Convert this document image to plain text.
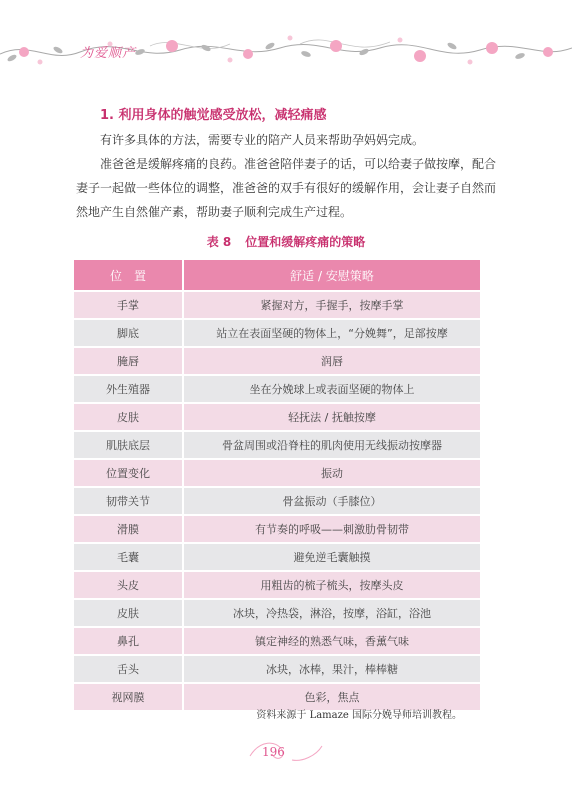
为爱顺产
1. 利用身体的触觉感受放松，减轻痛感

有许多具体的方法，需要专业的陪产人员来帮助孕妈妈完成。

准爸爸是缓解疼痛的良药。准爸爸陪伴妻子的话，可以给妻子做按摩，配合妻子一起做一些体位的调整，准爸爸的双手有很好的缓解作用，会让妻子自然而然地产生自然催产素，帮助妻子顺利完成生产过程。

表 8 位置和缓解疼痛的策略
位　置	舒适 / 安慰策略
手掌	紧握对方，手握手，按摩手掌
脚底	站立在表面坚硬的物体上，“分娩舞”，足部按摩
腌唇	润唇
外生殖器	坐在分娩球上或表面坚硬的物体上
皮肤	轻抚法 / 抚触按摩
肌肤底层	骨盆周围或沿脊柱的肌肉使用无线振动按摩器
位置变化	振动
韧带关节	骨盆振动（手膝位）
滑膜	有节奏的呼吸——刺激肋骨韧带
毛囊	避免逆毛囊触摸
头皮	用粗齿的梳子梳头，按摩头皮
皮肤	冰块，冷热袋，淋浴，按摩，浴缸，浴池
鼻孔	镇定神经的熟悉气味，香薰气味
舌头	冰块，冰棒，果汁，棒棒糖
视网膜	色彩，焦点
资料来源于 Lamaze 国际分娩导师培训教程。
196
